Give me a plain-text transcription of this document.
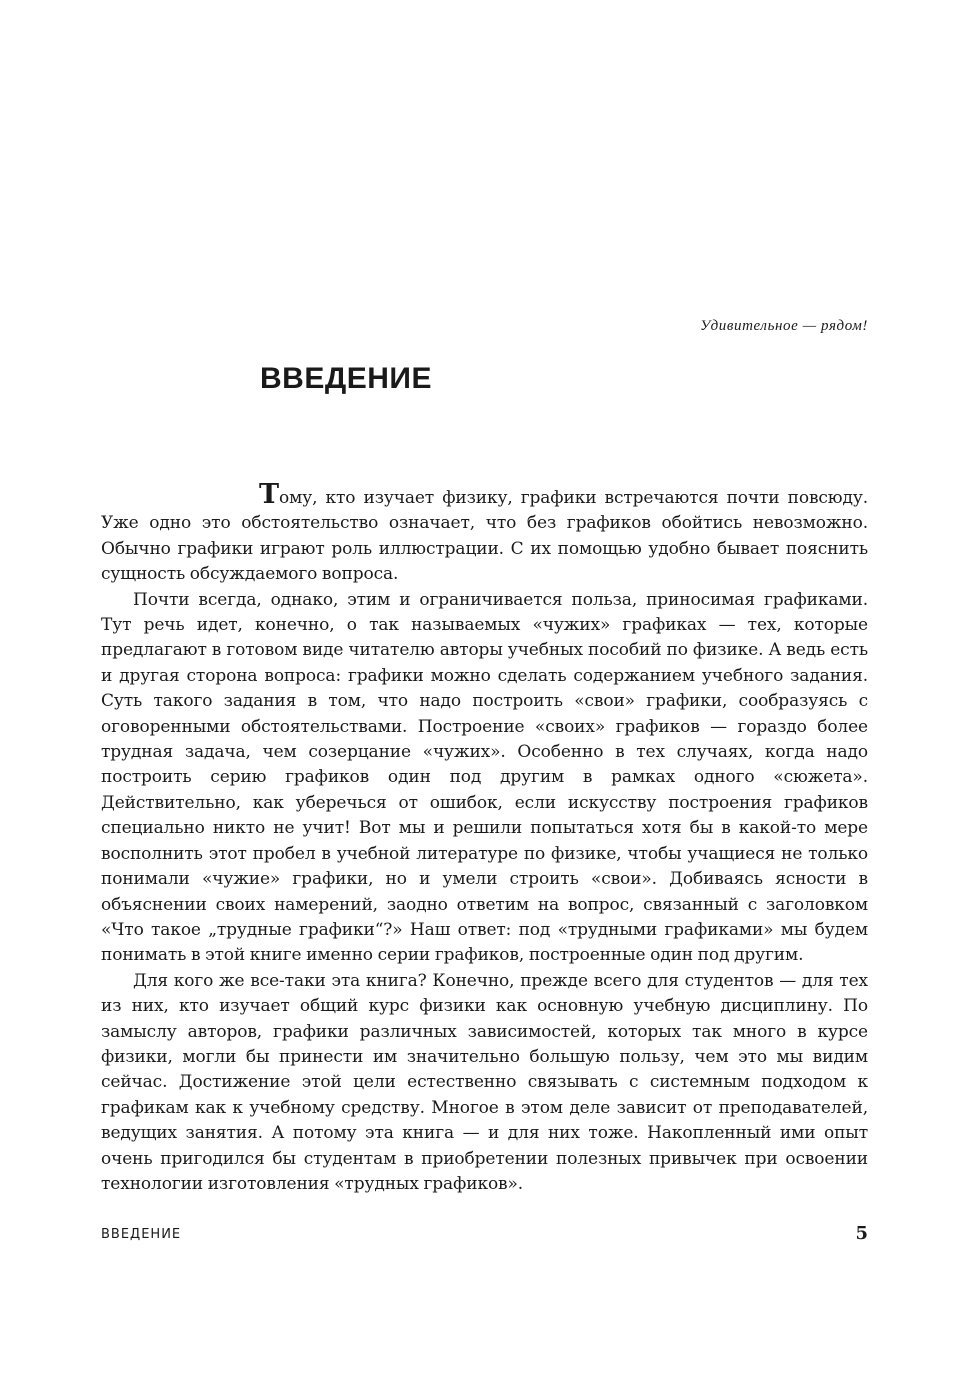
Удивительное — рядом!
ВВЕДЕНИЕ

Тому, кто изучает физику, графики встречаются почти повсюду. Уже одно это обстоятельство означает, что без графиков обойтись невозможно. Обычно графики играют роль иллюстрации. С их помощью удобно бывает пояснить сущность обсуждаемого вопроса.

Почти всегда, однако, этим и ограничивается польза, приносимая графиками. Тут речь идет, конечно, о так называемых «чужих» графиках — тех, которые предлагают в готовом виде читателю авторы учебных пособий по физике. А ведь есть и другая сторона вопроса: графики можно сделать содержанием учебного задания. Суть такого задания в том, что надо построить «свои» графики, сообразуясь с оговоренными обстоятельствами. Построение «своих» графиков — гораздо более трудная задача, чем созерцание «чужих». Особенно в тех случаях, когда надо построить серию графиков один под другим в рамках одного «сюжета». Действительно, как уберечься от ошибок, если искусству построения графиков специально никто не учит! Вот мы и решили попытаться хотя бы в какой-то мере восполнить этот пробел в учебной литературе по физике, чтобы учащиеся не только понимали «чужие» графики, но и умели строить «свои». Добиваясь ясности в объяснении своих намерений, заодно ответим на вопрос, связанный с заголовком «Что такое „трудные графики“?» Наш ответ: под «трудными графиками» мы будем понимать в этой книге именно серии графиков, построенные один под другим.

Для кого же все-таки эта книга? Конечно, прежде всего для студентов — для тех из них, кто изучает общий курс физики как основную учебную дисциплину. По замыслу авторов, графики различных зависимостей, которых так много в курсе физики, могли бы принести им значительно большую пользу, чем это мы видим сейчас. Достижение этой цели естественно связывать с системным подходом к графикам как к учебному средству. Многое в этом деле зависит от преподавателей, ведущих занятия. А потому эта книга — и для них тоже. Накопленный ими опыт очень пригодился бы студентам в приобретении полезных привычек при освоении технологии изготовления «трудных графиков».

ВВЕДЕНИЕ	5
